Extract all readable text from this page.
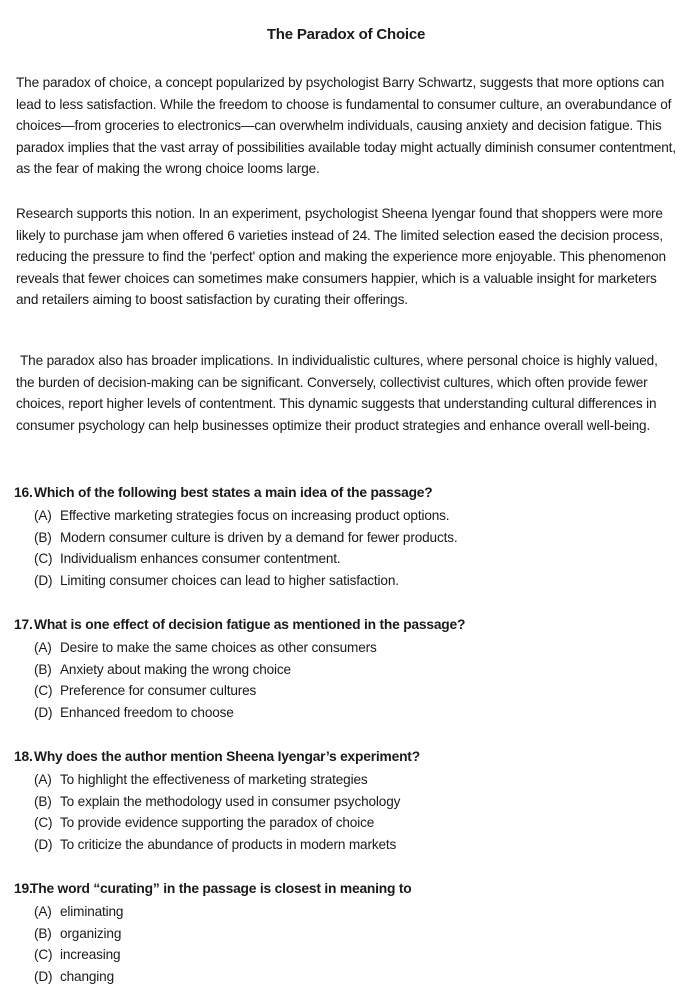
The Paradox of Choice

The paradox of choice, a concept popularized by psychologist Barry Schwartz, suggests that more options can lead to less satisfaction. While the freedom to choose is fundamental to consumer culture, an overabundance of choices—from groceries to electronics—can overwhelm individuals, causing anxiety and decision fatigue. This paradox implies that the vast array of possibilities available today might actually diminish consumer contentment, as the fear of making the wrong choice looms large.

Research supports this notion. In an experiment, psychologist Sheena Iyengar found that shoppers were more likely to purchase jam when offered 6 varieties instead of 24. The limited selection eased the decision process, reducing the pressure to find the 'perfect' option and making the experience more enjoyable. This phenomenon reveals that fewer choices can sometimes make consumers happier, which is a valuable insight for marketers and retailers aiming to boost satisfaction by curating their offerings.

The paradox also has broader implications. In individualistic cultures, where personal choice is highly valued, the burden of decision-making can be significant. Conversely, collectivist cultures, which often provide fewer choices, report higher levels of contentment. This dynamic suggests that understanding cultural differences in consumer psychology can help businesses optimize their product strategies and enhance overall well-being.

16.Which of the following best states a main idea of the passage?

(A) Effective marketing strategies focus on increasing product options.
(B) Modern consumer culture is driven by a demand for fewer products.
(C) Individualism enhances consumer contentment.
(D) Limiting consumer choices can lead to higher satisfaction.

17.What is one effect of decision fatigue as mentioned in the passage?

(A) Desire to make the same choices as other consumers
(B) Anxiety about making the wrong choice
(C) Preference for consumer cultures
(D) Enhanced freedom to choose

18.Why does the author mention Sheena Iyengar’s experiment?

(A) To highlight the effectiveness of marketing strategies
(B) To explain the methodology used in consumer psychology
(C) To provide evidence supporting the paradox of choice
(D) To criticize the abundance of products in modern markets

19.The word “curating” in the passage is closest in meaning to

(A) eliminating
(B) organizing
(C) increasing
(D) changing
